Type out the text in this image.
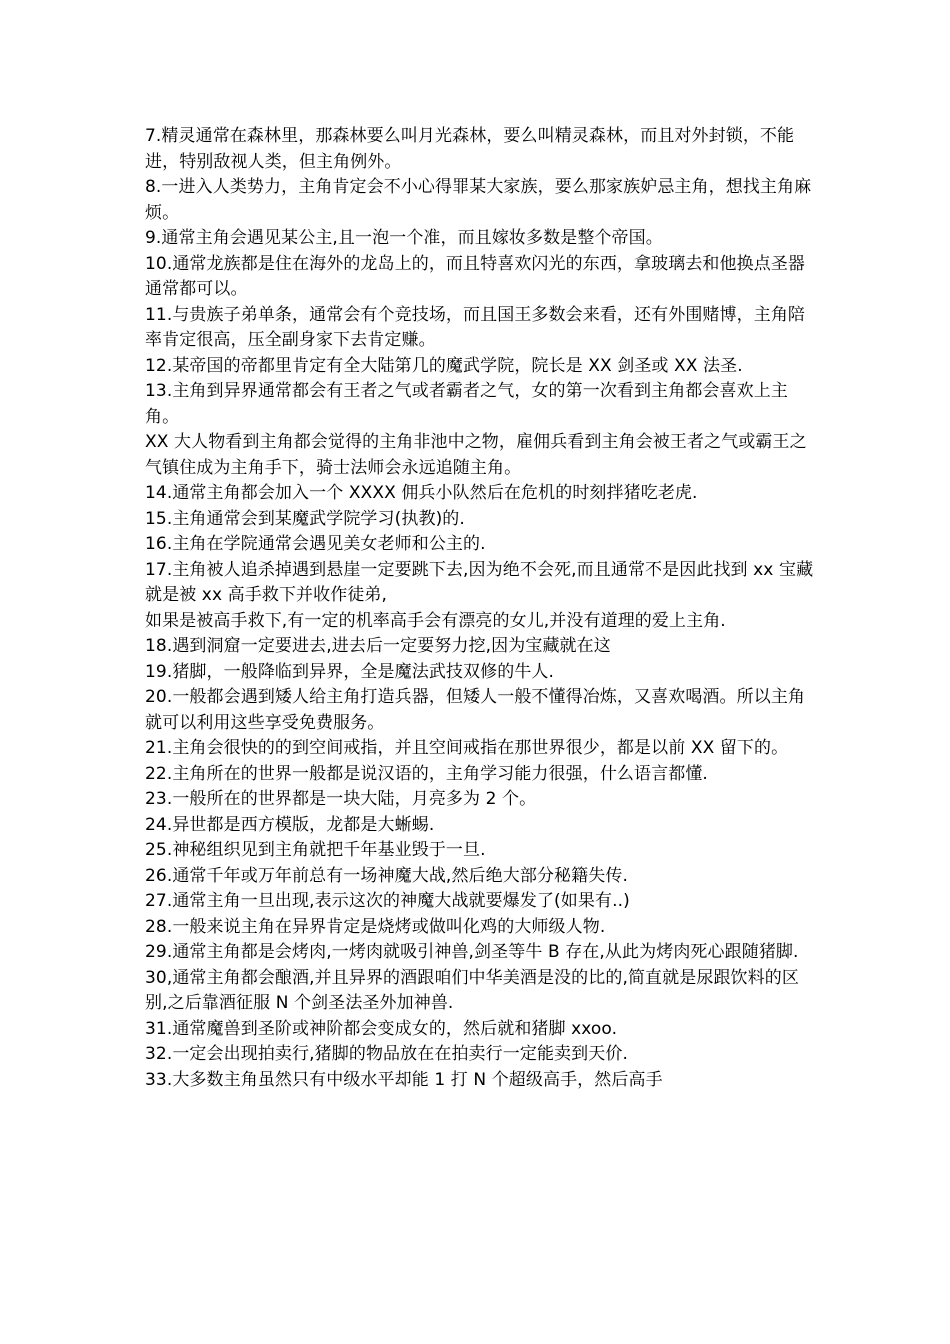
7.精灵通常在森林里，那森林要么叫月光森林，要么叫精灵森林，而且对外封锁，不能进，特别敌视人类，但主角例外。

8.一进入人类势力，主角肯定会不小心得罪某大家族，要么那家族妒忌主角，想找主角麻烦。

9.通常主角会遇见某公主,且一泡一个准，而且嫁妆多数是整个帝国。

10.通常龙族都是住在海外的龙岛上的，而且特喜欢闪光的东西，拿玻璃去和他换点圣器通常都可以。

11.与贵族子弟单条，通常会有个竞技场，而且国王多数会来看，还有外围赌博，主角陪率肯定很高，压全副身家下去肯定赚。

12.某帝国的帝都里肯定有全大陆第几的魔武学院，院长是 XX 剑圣或 XX 法圣.

13.主角到异界通常都会有王者之气或者霸者之气，女的第一次看到主角都会喜欢上主角。

XX 大人物看到主角都会觉得的主角非池中之物，雇佣兵看到主角会被王者之气或霸王之气镇住成为主角手下，骑士法师会永远追随主角。

14.通常主角都会加入一个 XXXX 佣兵小队然后在危机的时刻拌猪吃老虎.

15.主角通常会到某魔武学院学习(执教)的.

16.主角在学院通常会遇见美女老师和公主的.

17.主角被人追杀掉遇到悬崖一定要跳下去,因为绝不会死,而且通常不是因此找到 xx 宝藏就是被 xx 高手救下并收作徒弟,

如果是被高手救下,有一定的机率高手会有漂亮的女儿,并没有道理的爱上主角.

18.遇到洞窟一定要进去,进去后一定要努力挖,因为宝藏就在这

19.猪脚，一般降临到异界，全是魔法武技双修的牛人.

20.一般都会遇到矮人给主角打造兵器，但矮人一般不懂得冶炼，又喜欢喝酒。所以主角就可以利用这些享受免费服务。

21.主角会很快的的到空间戒指，并且空间戒指在那世界很少，都是以前 XX 留下的。

22.主角所在的世界一般都是说汉语的，主角学习能力很强，什么语言都懂.

23.一般所在的世界都是一块大陆，月亮多为 2 个。

24.异世都是西方模版，龙都是大蜥蜴.

25.神秘组织见到主角就把千年基业毁于一旦.

26.通常千年或万年前总有一场神魔大战,然后绝大部分秘籍失传.

27.通常主角一旦出现,表示这次的神魔大战就要爆发了(如果有..)

28.一般来说主角在异界肯定是烧烤或做叫化鸡的大师级人物.

29.通常主角都是会烤肉,一烤肉就吸引神兽,剑圣等牛 B 存在,从此为烤肉死心跟随猪脚.

30,通常主角都会酿酒,并且异界的酒跟咱们中华美酒是没的比的,简直就是尿跟饮料的区别,之后靠酒征服 N 个剑圣法圣外加神兽.

31.通常魔兽到圣阶或神阶都会变成女的，然后就和猪脚 xxoo.

32.一定会出现拍卖行,猪脚的物品放在在拍卖行一定能卖到天价.

33.大多数主角虽然只有中级水平却能 1 打 N 个超级高手，然后高手
